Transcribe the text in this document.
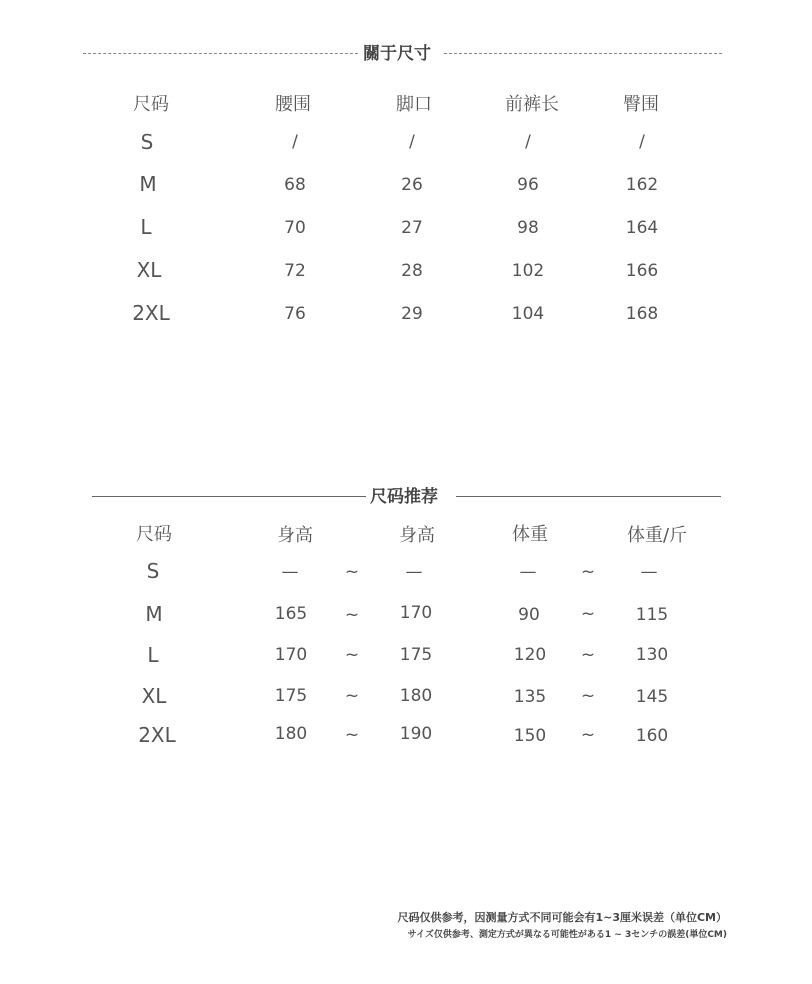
關于尺寸
尺码	腰围	脚口	前裤长	臀围
S	/	/	/	/
M	68	26	96	162
L	70	27	98	164
XL	72	28	102	166
2XL	76	29	104	168
尺码推荐
尺码	身高	身高	体重	体重/斤
S	—	~	—	—	~	—
M	165	~	170	90	~	115
L	170	~	175	120	~	130
XL	175	~	180	135	~	145
2XL	180	~	190	150	~	160
尺码仅供参考，因测量方式不同可能会有1~3厘米误差（单位CM）
サイズ仅供参考、測定方式が異なる可能性がある1 ~ 3センチの誤差(単位CM)
